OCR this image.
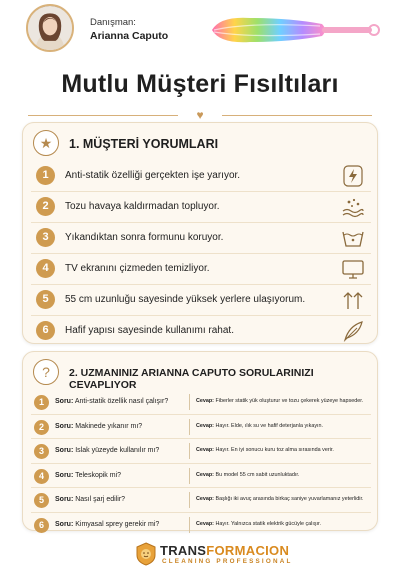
Danışman:
Arianna Caputo
Mutlu Müşteri Fısıltıları
♥
★	1. MÜŞTERİ YORUMLARI
1	Anti-statik özelliği gerçekten işe yarıyor.
2	Tozu havaya kaldırmadan topluyor.
3	Yıkandıktan sonra formunu koruyor.
4	TV ekranını çizmeden temizliyor.
5	55 cm uzunluğu sayesinde yüksek yerlere ulaşıyorum.
6	Hafif yapısı sayesinde kullanımı rahat.
?	2. UZMANINIZ ARIANNA CAPUTO SORULARINIZI CEVAPLIYOR
1	Soru: Anti-statik özellik nasıl çalışır?	Cevap: Fiberler statik yük oluşturur ve tozu çekerek yüzeye hapseder.
2	Soru: Makinede yıkanır mı?	Cevap: Hayır. Elde, ılık su ve hafif deterjanla yıkayın.
3	Soru: Islak yüzeyde kullanılır mı?	Cevap: Hayır. En iyi sonucu kuru toz alma sırasında verir.
4	Soru: Teleskopik mi?	Cevap: Bu model 55 cm sabit uzunluktadır.
5	Soru: Nasıl şarj edilir?	Cevap: Başlığı iki avuç arasında birkaç saniye yuvarlamanız yeterlidir.
6	Soru: Kimyasal sprey gerekir mi?	Cevap: Hayır. Yalnızca statik elektrik gücüyle çalışır.
TRANSFORMACION
CLEANING PROFESSIONAL
